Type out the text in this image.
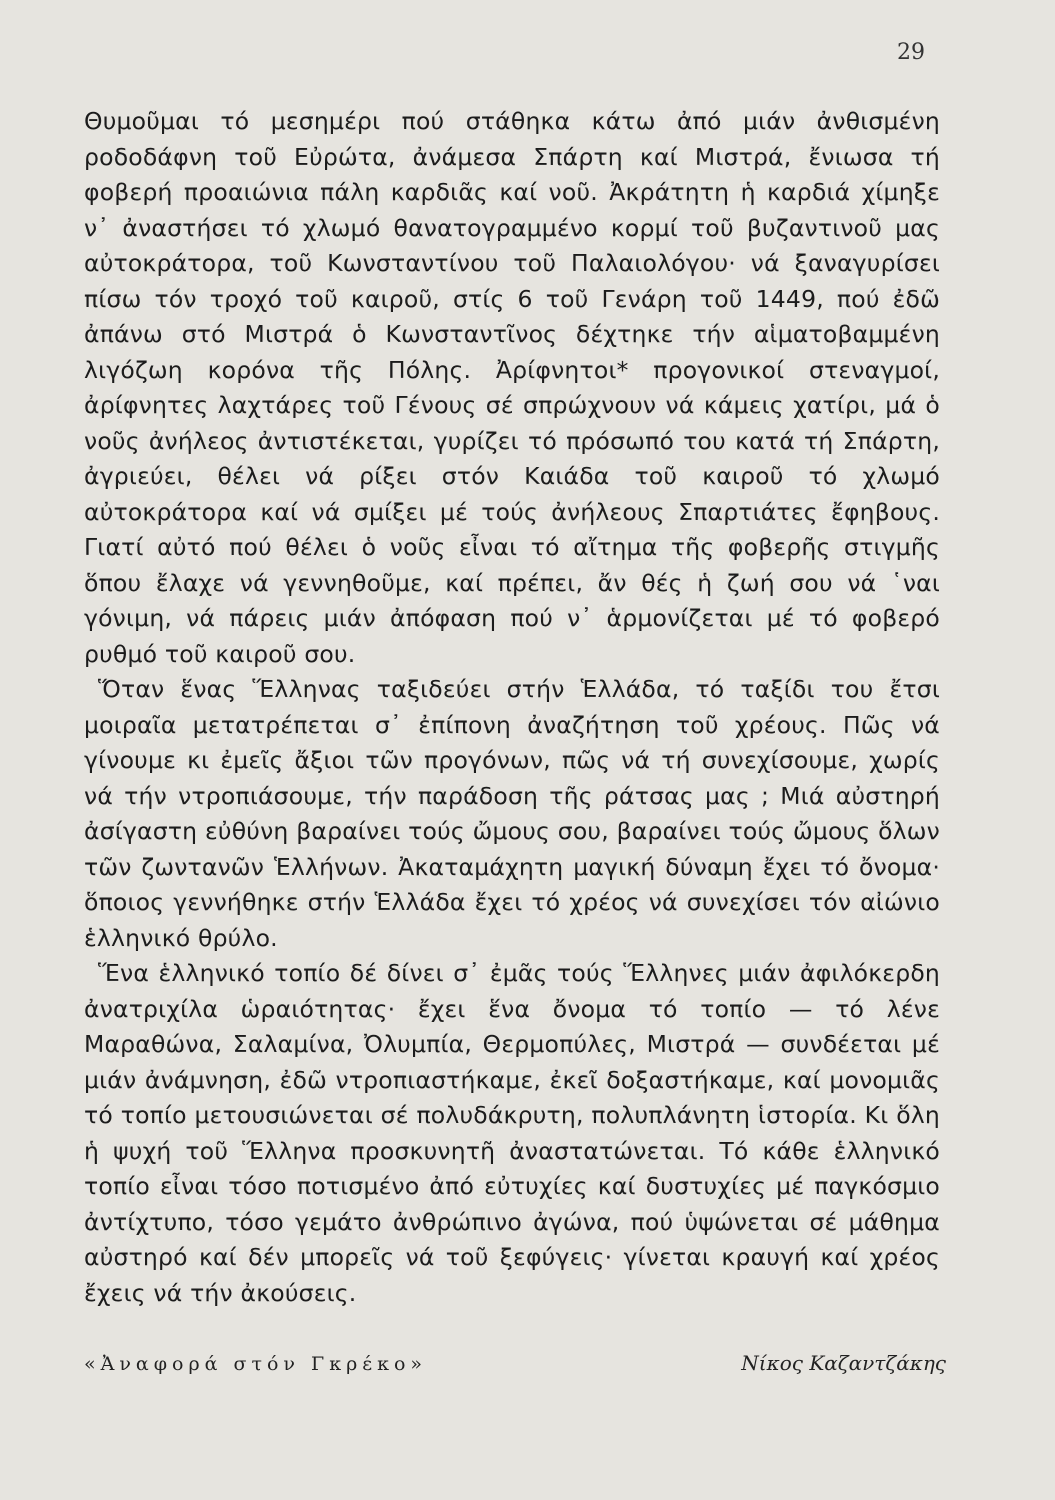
29

Θυμοῦμαι τό μεσημέρι πού στάθηκα κάτω ἀπό μιάν ἀνθισμένη ροδοδάφνη τοῦ Εὐρώτα, ἀνάμεσα Σπάρτη καί Μιστρά, ἔνιωσα τή φοβερή προαιώνια πάλη καρδιᾶς καί νοῦ. Ἀκράτητη ἡ καρδιά χίμηξε ν᾽ ἀναστήσει τό χλωμό θανατογραμμένο κορμί τοῦ βυζαντινοῦ μας αὐτοκράτορα, τοῦ Κωνσταντίνου τοῦ Παλαιολόγου· νά ξαναγυρίσει πίσω τόν τροχό τοῦ καιροῦ, στίς 6 τοῦ Γενάρη τοῦ 1449, πού ἐδῶ ἀπάνω στό Μιστρά ὁ Κωνσταντῖνος δέχτηκε τήν αἱματοβαμμένη λιγόζωη κορόνα τῆς Πόλης. Ἀρίφνητοι* προγονικοί στεναγμοί, ἀρίφνητες λαχτάρες τοῦ Γένους σέ σπρώχνουν νά κάμεις χατίρι, μά ὁ νοῦς ἀνήλεος ἀντιστέκεται, γυρίζει τό πρόσωπό του κατά τή Σπάρτη, ἀγριεύει, θέλει νά ρίξει στόν Καιάδα τοῦ καιροῦ τό χλωμό αὐτοκράτορα καί νά σμίξει μέ τούς ἀνήλεους Σπαρτιάτες ἔφηβους. Γιατί αὐτό πού θέλει ὁ νοῦς εἶναι τό αἴτημα τῆς φοβερῆς στιγμῆς ὅπου ἔλαχε νά γεννηθοῦμε, καί πρέπει, ἄν θές ἡ ζωή σου νά ῾ναι γόνιμη, νά πάρεις μιάν ἀπόφαση πού ν᾽ ἁρμονίζεται μέ τό φοβερό ρυθμό τοῦ καιροῦ σου.

Ὅταν ἕνας Ἕλληνας ταξιδεύει στήν Ἑλλάδα, τό ταξίδι του ἔτσι μοιραῖα μετατρέπεται σ᾽ ἐπίπονη ἀναζήτηση τοῦ χρέους. Πῶς νά γίνουμε κι ἐμεῖς ἄξιοι τῶν προγόνων, πῶς νά τή συνεχίσουμε, χωρίς νά τήν ντροπιάσουμε, τήν παράδοση τῆς ράτσας μας ; Μιά αὐστηρή ἀσίγαστη εὐθύνη βαραίνει τούς ὤμους σου, βαραίνει τούς ὤμους ὅλων τῶν ζωντανῶν Ἑλλήνων. Ἀκαταμάχητη μαγική δύναμη ἔχει τό ὄνομα· ὅποιος γεννήθηκε στήν Ἑλλάδα ἔχει τό χρέος νά συνεχίσει τόν αἰώνιο ἑλληνικό θρύλο.

Ἕνα ἑλληνικό τοπίο δέ δίνει σ᾽ ἐμᾶς τούς Ἕλληνες μιάν ἀφιλόκερδη ἀνατριχίλα ὡραιότητας· ἔχει ἕνα ὄνομα τό τοπίο — τό λένε Μαραθώνα, Σαλαμίνα, Ὀλυμπία, Θερμοπύλες, Μιστρά — συνδέεται μέ μιάν ἀνάμνηση, ἐδῶ ντροπιαστήκαμε, ἐκεῖ δοξαστήκαμε, καί μονομιᾶς τό τοπίο μετουσιώνεται σέ πολυδάκρυτη, πολυπλάνητη ἱστορία. Κι ὅλη ἡ ψυχή τοῦ Ἕλληνα προσκυνητῆ ἀναστατώνεται. Τό κάθε ἑλληνικό τοπίο εἶναι τόσο ποτισμένο ἀπό εὐτυχίες καί δυστυχίες μέ παγκόσμιο ἀντίχτυπο, τόσο γεμάτο ἀνθρώπινο ἀγώνα, πού ὑψώνεται σέ μάθημα αὐστηρό καί δέν μπορεῖς νά τοῦ ξεφύγεις· γίνεται κραυγή καί χρέος ἔχεις νά τήν ἀκούσεις.

«Ἀναφορά στόν Γκρέκο»	Νίκος Καζαντζάκης
